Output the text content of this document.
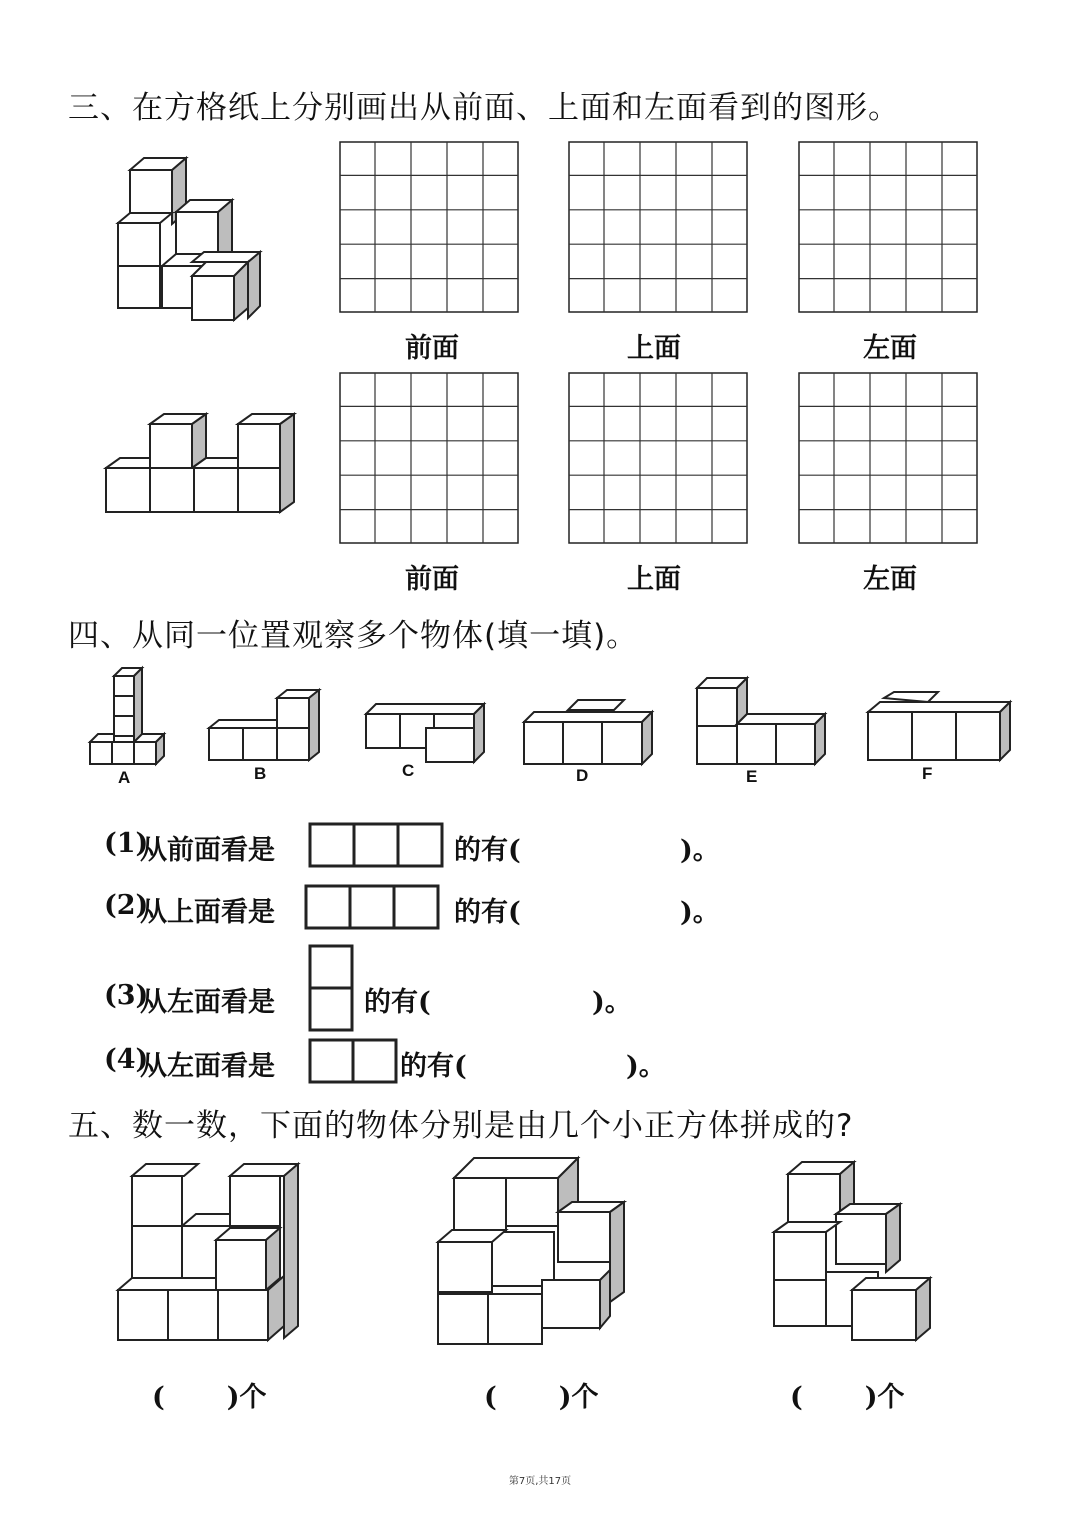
三、在方格纸上分别画出从前面、上面和左面看到的图形。
前面	上面	左面
前面	上面	左面
四、从同一位置观察多个物体(填一填)。
A	B	C	D	E	F
(1)
从前面看是	的有(	)。
(2)
从上面看是	的有(	)。
(3)
从左面看是	的有(	)。
(4)
从左面看是	的有(	)。
五、数一数，下面的物体分别是由几个小正方体拼成的?
( )个	( )个	( )个
第7页,共17页
